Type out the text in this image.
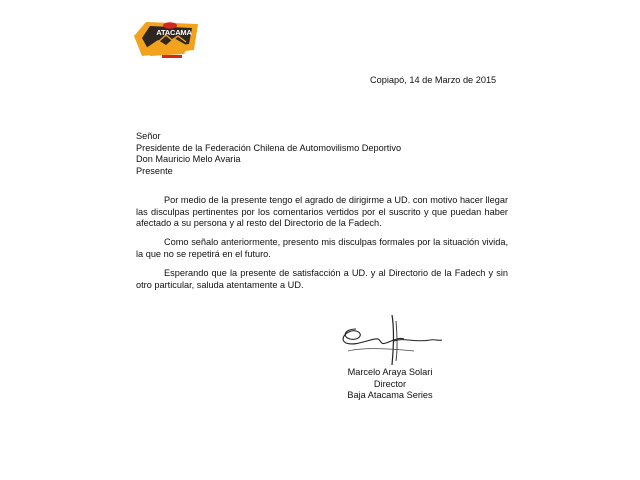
ATACAMA
Copiapó, 14 de Marzo de 2015
Señor
Presidente de la Federación Chilena de Automovilismo Deportivo
Don Mauricio Melo Avaria
Presente
Por medio de la presente tengo el agrado de dirigirme a UD. con motivo hacer llegar las disculpas pertinentes por los comentarios vertidos por el suscrito y que puedan haber afectado a su persona y al resto del Directorio de la Fadech.
Como señalo anteriormente, presento mis disculpas formales por la situación vivida, la que no se repetirá en el futuro.
Esperando que la presente de satisfacción a UD. y al Directorio de la Fadech y sin otro particular, saluda atentamente a UD.
Marcelo Araya Solari
Director
Baja Atacama Series
